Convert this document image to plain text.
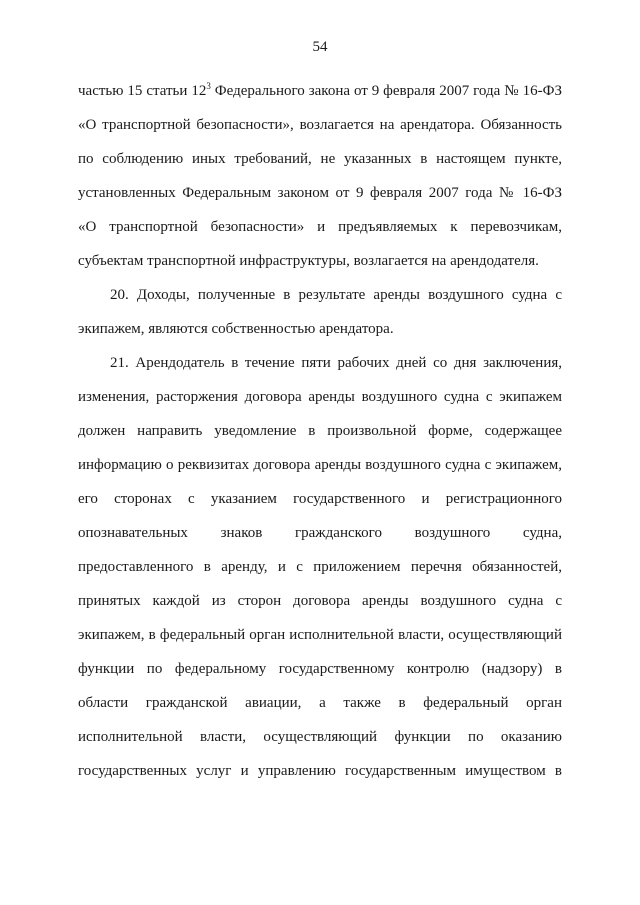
54
частью 15 статьи $12^3$ Федерального закона от 9 февраля 2007 года № 16-ФЗ
«О транспортной безопасности», возлагается на арендатора. Обязанность
по соблюдению иных требований, не указанных в настоящем пункте,
установленных Федеральным законом от 9 февраля 2007 года № 16-ФЗ
«О транспортной безопасности» и предъявляемых к перевозчикам,
субъектам транспортной инфраструктуры, возлагается на арендодателя.
20. Доходы, полученные в результате аренды воздушного судна с
экипажем, являются собственностью арендатора.
21. Арендодатель в течение пяти рабочих дней со дня заключения,
изменения, расторжения договора аренды воздушного судна с экипажем
должен направить уведомление в произвольной форме, содержащее
информацию о реквизитах договора аренды воздушного судна с экипажем,
его сторонах с указанием государственного и регистрационного
опознавательных знаков гражданского воздушного судна,
предоставленного в аренду, и с приложением перечня обязанностей,
принятых каждой из сторон договора аренды воздушного судна с
экипажем, в федеральный орган исполнительной власти, осуществляющий
функции по федеральному государственному контролю (надзору) в
области гражданской авиации, а также в федеральный орган
исполнительной власти, осуществляющий функции по оказанию
государственных услуг и управлению государственным имуществом в
